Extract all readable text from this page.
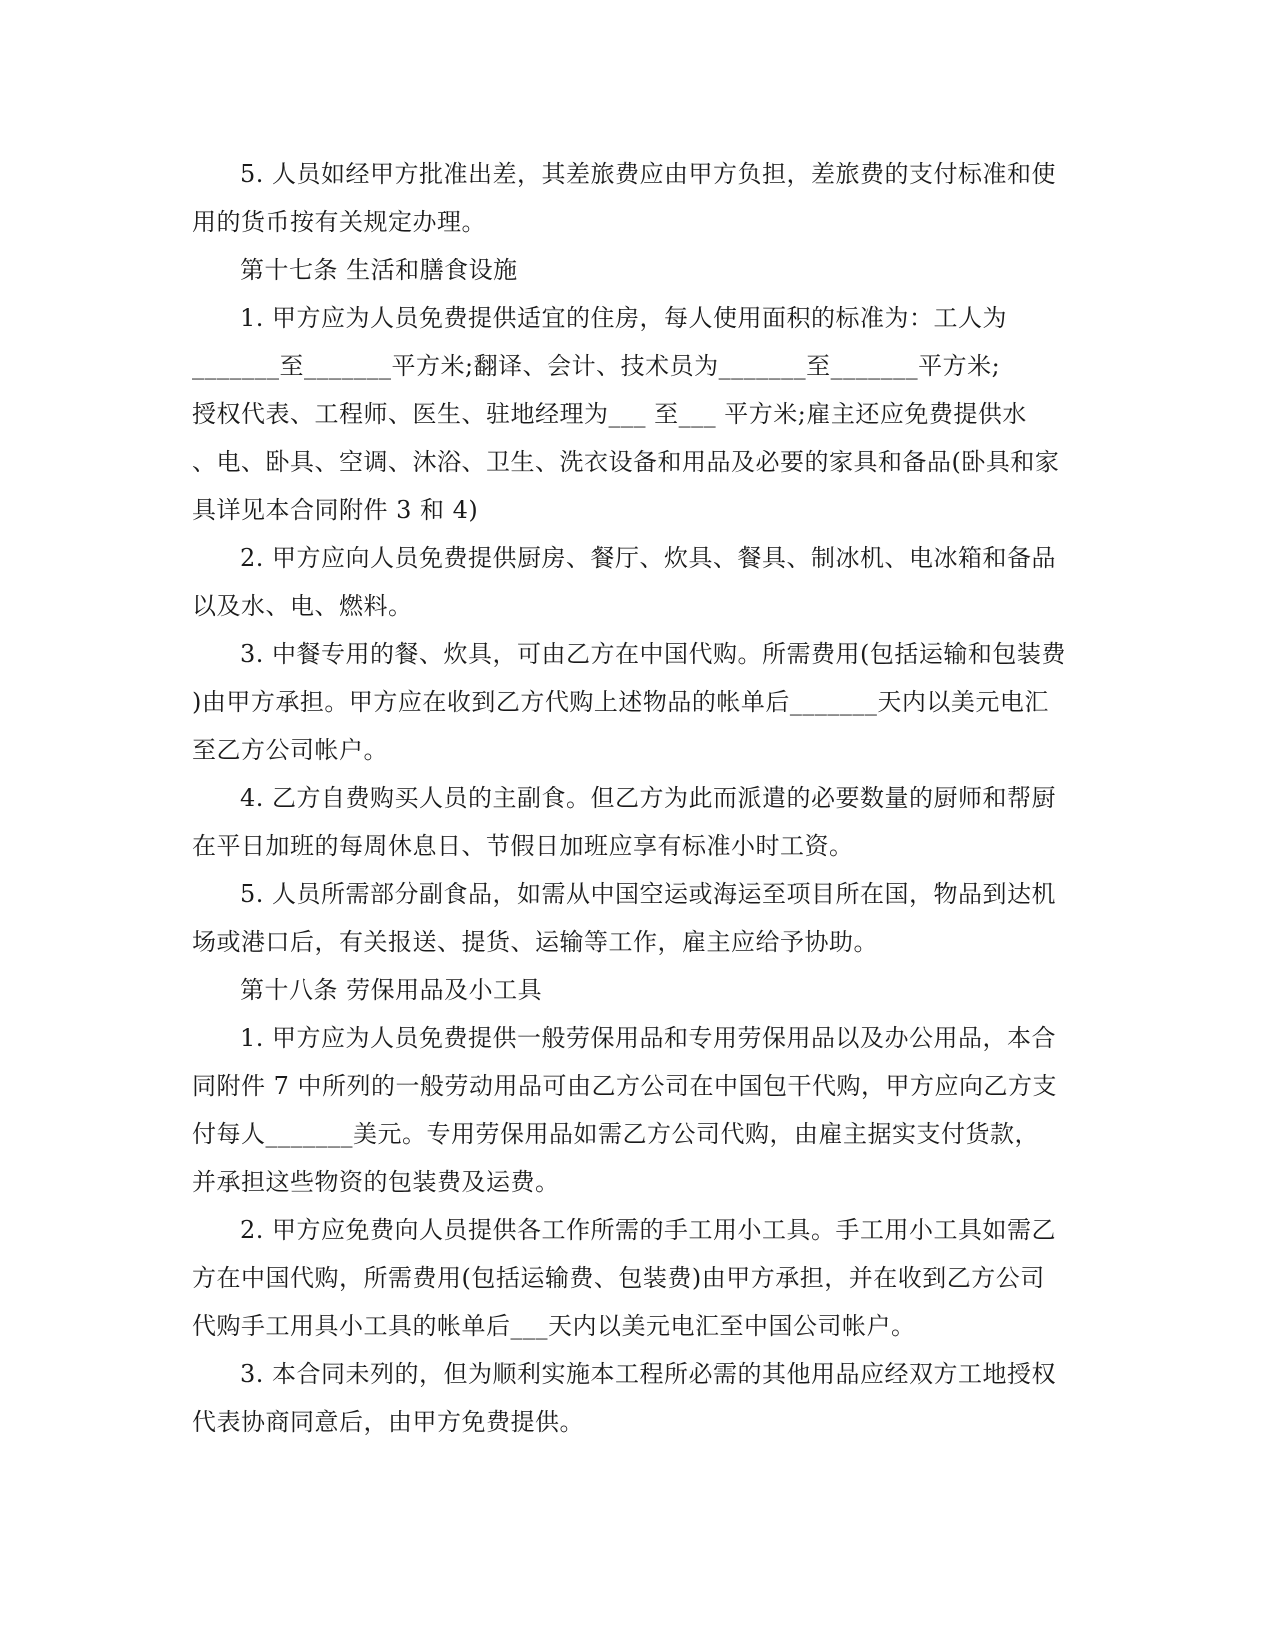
5. 人员如经甲方批准出差，其差旅费应由甲方负担，差旅费的支付标准和使
用的货币按有关规定办理。

第十七条 生活和膳食设施

1. 甲方应为人员免费提供适宜的住房，每人使用面积的标准为：工人为
_______至_______平方米;翻译、会计、技术员为_______至_______平方米;
授权代表、工程师、医生、驻地经理为___ 至___ 平方米;雇主还应免费提供水
、电、卧具、空调、沐浴、卫生、洗衣设备和用品及必要的家具和备品(卧具和家
具详见本合同附件 3 和 4)

2. 甲方应向人员免费提供厨房、餐厅、炊具、餐具、制冰机、电冰箱和备品
以及水、电、燃料。

3. 中餐专用的餐、炊具，可由乙方在中国代购。所需费用(包括运输和包装费
)由甲方承担。甲方应在收到乙方代购上述物品的帐单后_______天内以美元电汇
至乙方公司帐户。

4. 乙方自费购买人员的主副食。但乙方为此而派遣的必要数量的厨师和帮厨
在平日加班的每周休息日、节假日加班应享有标准小时工资。

5. 人员所需部分副食品，如需从中国空运或海运至项目所在国，物品到达机
场或港口后，有关报送、提货、运输等工作，雇主应给予协助。

第十八条 劳保用品及小工具

1. 甲方应为人员免费提供一般劳保用品和专用劳保用品以及办公用品，本合
同附件 7 中所列的一般劳动用品可由乙方公司在中国包干代购，甲方应向乙方支
付每人_______美元。专用劳保用品如需乙方公司代购，由雇主据实支付货款，
并承担这些物资的包装费及运费。

2. 甲方应免费向人员提供各工作所需的手工用小工具。手工用小工具如需乙
方在中国代购，所需费用(包括运输费、包装费)由甲方承担，并在收到乙方公司
代购手工用具小工具的帐单后___天内以美元电汇至中国公司帐户。

3. 本合同未列的，但为顺利实施本工程所必需的其他用品应经双方工地授权
代表协商同意后，由甲方免费提供。
